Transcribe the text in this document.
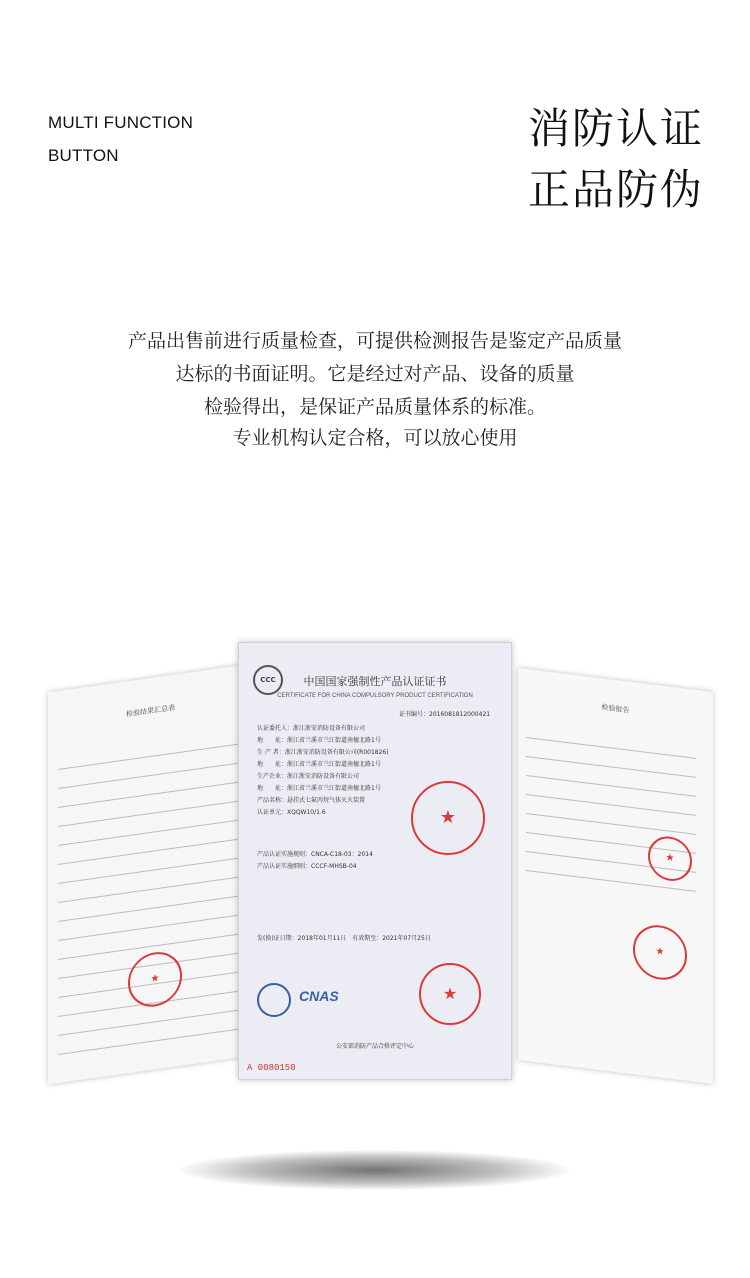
MULTI FUNCTION
BUTTON
消防认证
正品防伪
产品出售前进行质量检查，可提供检测报告是鉴定产品质量
达标的书面证明。它是经过对产品、设备的质量
检验得出，是保证产品质量体系的标准。
专业机构认定合格，可以放心使用
检验结果汇总表
★
检验报告
★
★
CCC	中国国家强制性产品认证证书
CERTIFICATE FOR CHINA COMPULSORY PRODUCT CERTIFICATION
证书编号：2016081812000421
认证委托人：浙江浙安消防设备有限公司
地　　址：浙江省兰溪市兰江街道南檀北路1号
生 产 者：浙江浙安消防设备有限公司(R001826)
地　　址：浙江省兰溪市兰江街道南檀北路1号
生产企业：浙江浙安消防设备有限公司
地　　址：浙江省兰溪市兰江街道南檀北路1号
产品名称：悬挂式七氟丙烷气体灭火装置
认证单元：XQQW10/1.6
产品认证实施规则：CNCA-C18-03：2014
产品认证实施细则：CCCF-MHSB-04
发(换)证日期：2018年01月11日　有效期至：2021年07月25日
★
CNAS	★
公安部消防产品合格评定中心
A 0080150
